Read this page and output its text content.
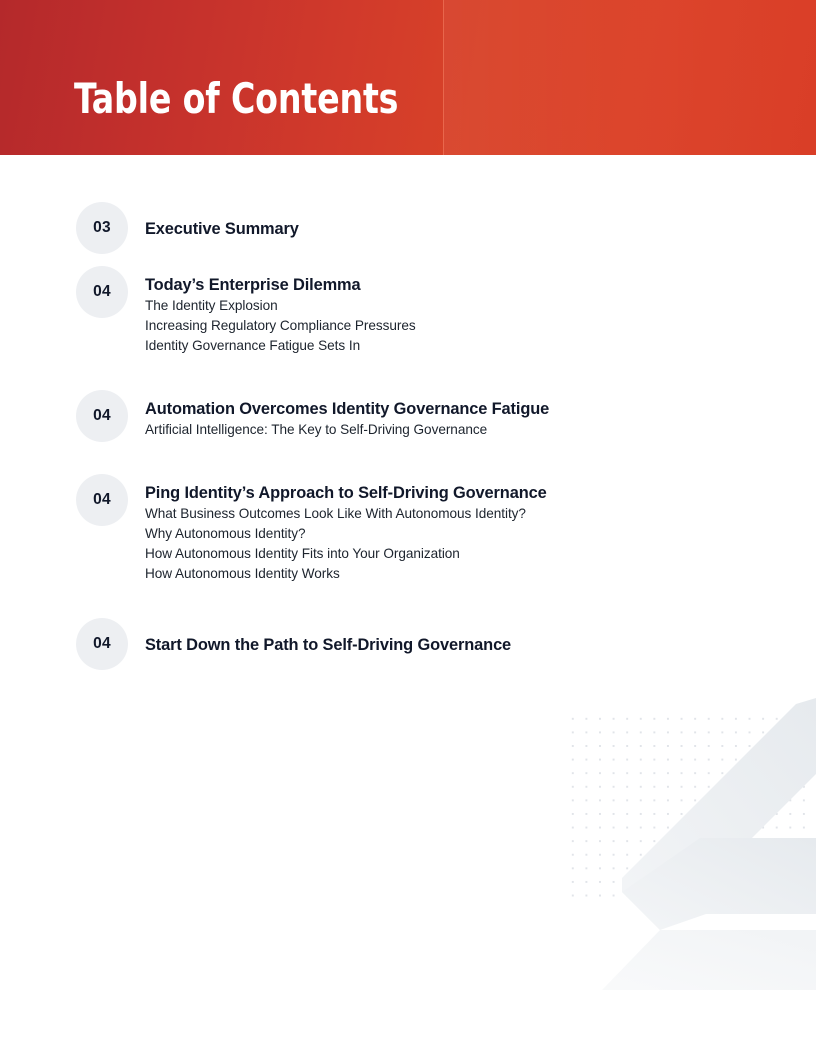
Table of Contents
03 Executive Summary
04 Today’s Enterprise Dilemma
The Identity Explosion
Increasing Regulatory Compliance Pressures
Identity Governance Fatigue Sets In
04 Automation Overcomes Identity Governance Fatigue
Artificial Intelligence: The Key to Self-Driving Governance
04 Ping Identity’s Approach to Self-Driving Governance
What Business Outcomes Look Like With Autonomous Identity?
Why Autonomous Identity?
How Autonomous Identity Fits into Your Organization
How Autonomous Identity Works
04 Start Down the Path to Self-Driving Governance
